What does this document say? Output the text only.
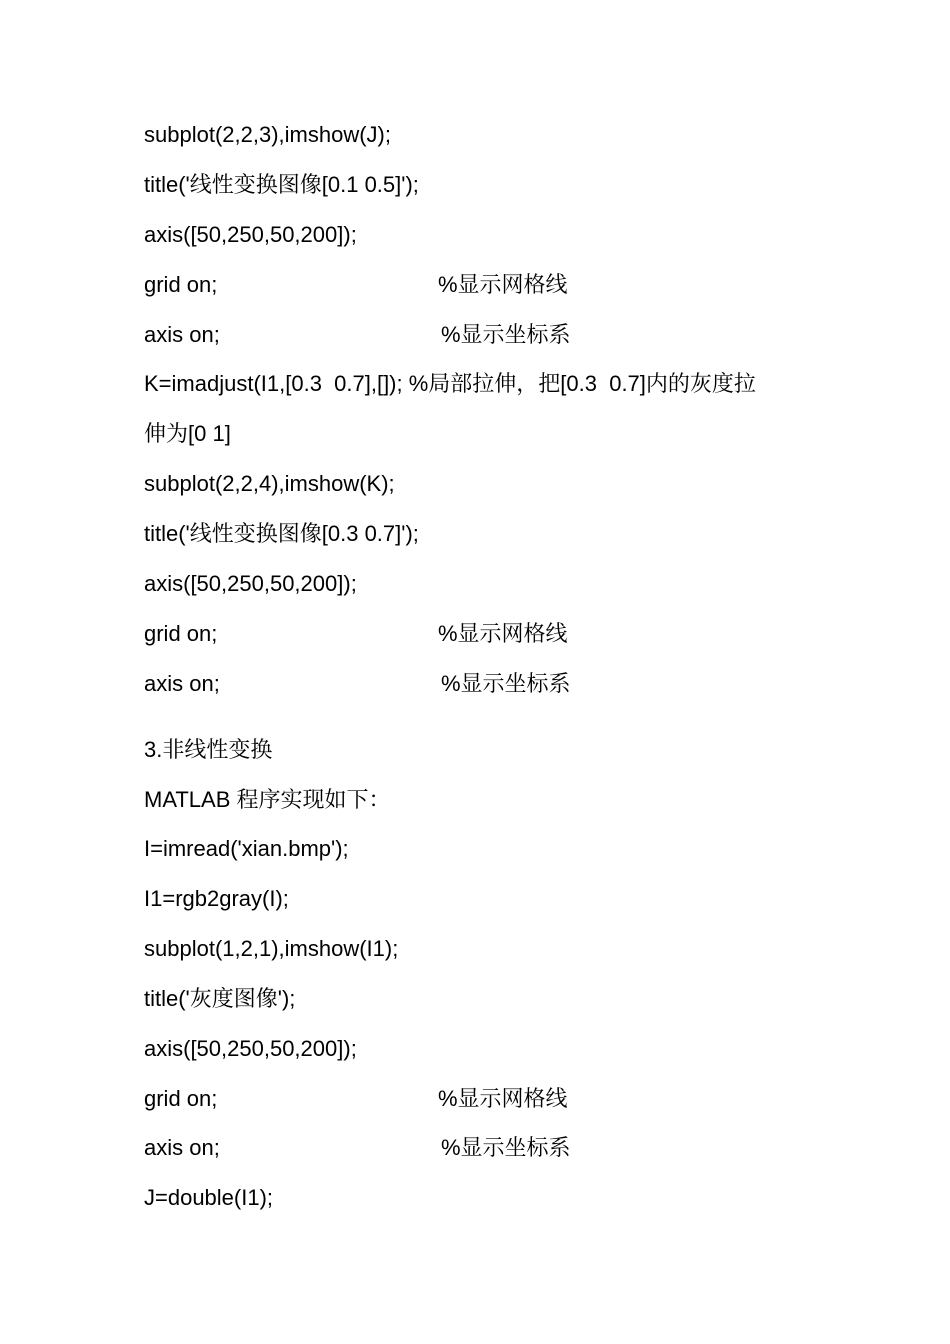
subplot(2,2,3),imshow(J);
title('线性变换图像[0.1 0.5]');
axis([50,250,50,200]);
grid on;	%显示网格线
axis on;	%显示坐标系
K=imadjust(I1,[0.3  0.7],[]); %局部拉伸，把[0.3  0.7]内的灰度拉
伸为[0 1]
subplot(2,2,4),imshow(K);
title('线性变换图像[0.3 0.7]');
axis([50,250,50,200]);
grid on;	%显示网格线
axis on;	%显示坐标系
3.非线性变换
MATLAB 程序实现如下：
I=imread('xian.bmp');
I1=rgb2gray(I);
subplot(1,2,1),imshow(I1);
title('灰度图像');
axis([50,250,50,200]);
grid on;	%显示网格线
axis on;	%显示坐标系
J=double(I1);
